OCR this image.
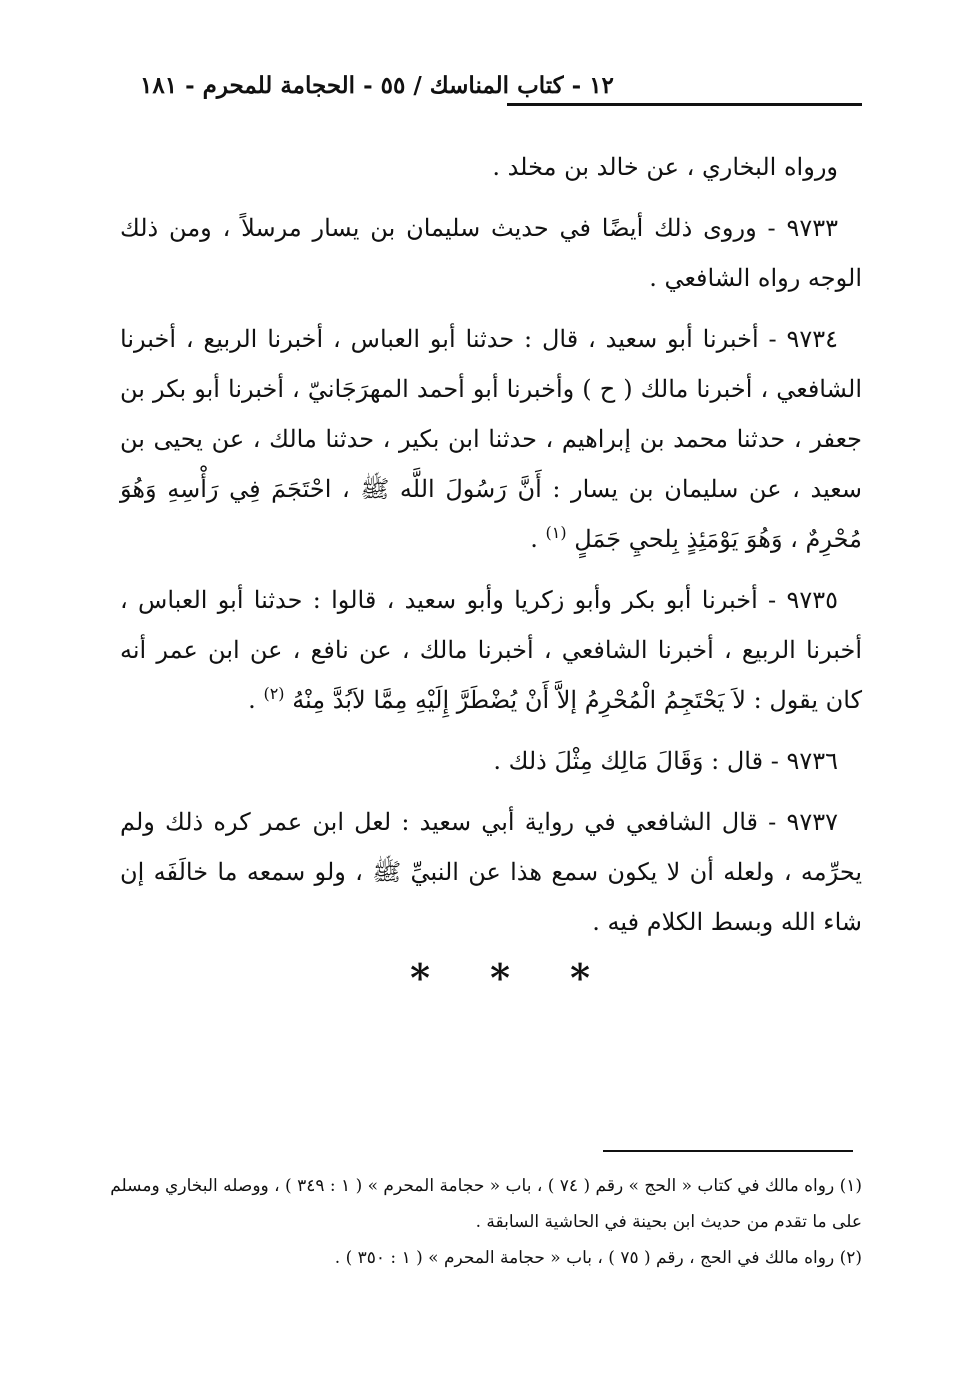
١٢ - كتاب المناسك / ٥٥ - الحجامة للمحرم - ١٨١

ورواه البخاري ، عن خالد بن مخلد .

٩٧٣٣ - وروى ذلك أيضًا في حديث سليمان بن يسار مرسلاً ، ومن ذلك الوجه رواه الشافعي .

٩٧٣٤ - أخبرنا أبو سعيد ، قال : حدثنا أبو العباس ، أخبرنا الربيع ، أخبرنا الشافعي ، أخبرنا مالك ( ح ) وأخبرنا أبو أحمد المهرَجَانيّ ، أخبرنا أبو بكر بن جعفر ، حدثنا محمد بن إبراهيم ، حدثنا ابن بكير ، حدثنا مالك ، عن يحيى بن سعيد ، عن سليمان بن يسار : أَنَّ رَسُولَ اللَّه ﷺ ، احْتَجَمَ فِي رَأْسِهِ وَهُوَ مُحْرِمٌ ، وَهُوَ يَوْمَئِذٍ بِلحيِ جَمَلٍ $^{(١)}$ .

٩٧٣٥ - أخبرنا أبو بكر وأبو زكريا وأبو سعيد ، قالوا : حدثنا أبو العباس ، أخبرنا الربيع ، أخبرنا الشافعي ، أخبرنا مالك ، عن نافع ، عن ابن عمر أنه كان يقول : لاَ يَحْتَجِمُ الْمُحْرِمُ إلاَّ أَنْ يُضْطَرَّ إِلَيْهِ مِمَّا لاَبُدَّ مِنْهُ $^{(٢)}$ .

٩٧٣٦ - قال : وَقَالَ مَالِك مِثْلَ ذلك .

٩٧٣٧ - قال الشافعي في رواية أبي سعيد : لعل ابن عمر كره ذلك ولم يحرِّمه ، ولعله أن لا يكون سمع هذا عن النبيِّ ﷺ ، ولو سمعه ما خالَفَه إن شاء الله وبسط الكلام فيه .

* * *

(١) رواه مالك في كتاب « الحج » رقم ( ٧٤ ) ، باب « حجامة المحرم » ( ١ : ٣٤٩ ) ، ووصله البخاري ومسلم على ما تقدم من حديث ابن بحينة في الحاشية السابقة .

(٢) رواه مالك في الحج ، رقم ( ٧٥ ) ، باب « حجامة المحرم » ( ١ : ٣٥٠ ) .
